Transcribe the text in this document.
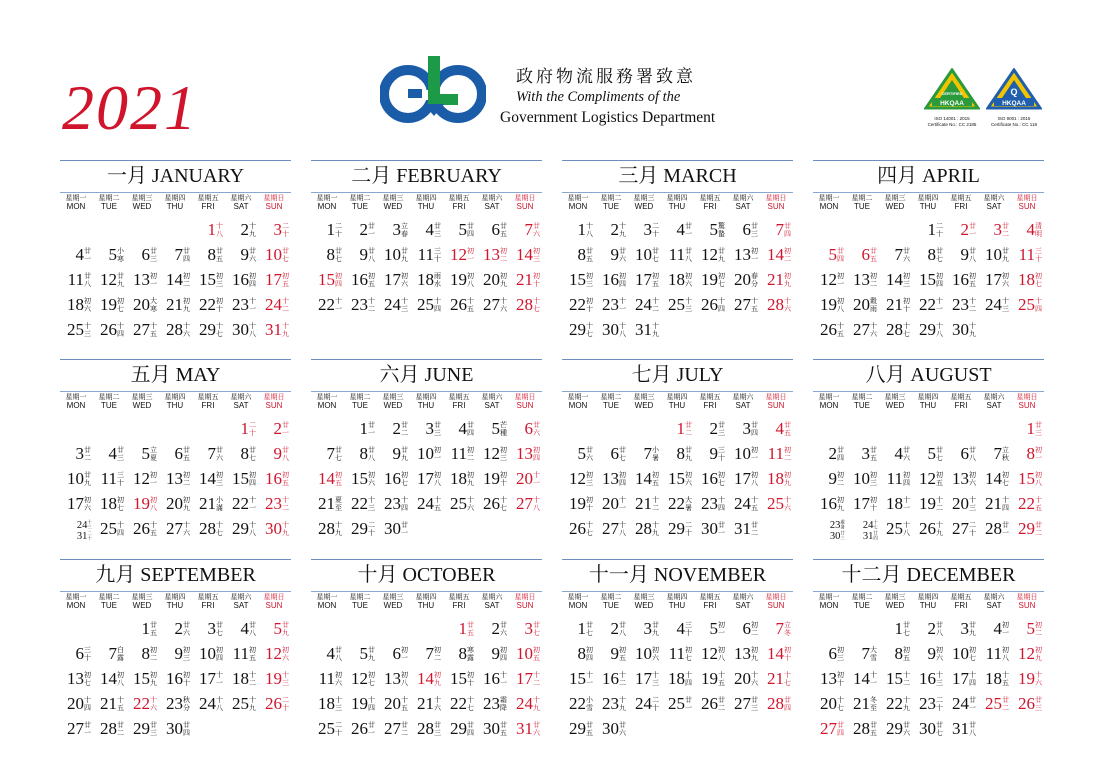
2021	政府物流服務署致意
With the Compliments of the
Government Logistics Department
HKQAA
CERTIFIED
ISO 14001 : 2015
Certificate No.: CC 2185
HKQAA
Q
ISO 9001 : 2015
Certificate No.: CC 118
一月 JANUARY
星期一
MON
星期二
TUE
星期三
WED
星期四
THU
星期五
FRI
星期六
SAT
星期日
SUN
1 十八 2 十九 3 二十
4 廿一 5 小寒 6 廿三 7 廿四 8 廿五 9 廿六 10 廿七
11 廿八 12 廿九 13 初一 14 初二 15 初三 16 初四 17 初五
18 初六 19 初七 20 大寒 21 初九 22 初十 23 十一 24 十二
25 十三 26 十四 27 十五 28 十六 29 十七 30 十八 31 十九
二月 FEBRUARY
星期一
MON
星期二
TUE
星期三
WED
星期四
THU
星期五
FRI
星期六
SAT
星期日
SUN
1 二十 2 廿一 3 立春 4 廿三 5 廿四 6 廿五 7 廿六
8 廿七 9 廿八 10 廿九 11 三十 12 初一 13 初二 14 初三
15 初四 16 初五 17 初六 18 雨水 19 初八 20 初九 21 初十
22 十一 23 十二 24 十三 25 十四 26 十五 27 十六 28 十七
三月 MARCH
星期一
MON
星期二
TUE
星期三
WED
星期四
THU
星期五
FRI
星期六
SAT
星期日
SUN
1 十八 2 十九 3 二十 4 廿一 5 驚蟄 6 廿三 7 廿四
8 廿五 9 廿六 10 廿七 11 廿八 12 廿九 13 初一 14 初二
15 初三 16 初四 17 初五 18 初六 19 初七 20 春分 21 初九
22 初十 23 十一 24 十二 25 十三 26 十四 27 十五 28 十六
29 十七 30 十八 31 十九
四月 APRIL
星期一
MON
星期二
TUE
星期三
WED
星期四
THU
星期五
FRI
星期六
SAT
星期日
SUN
1 二十 2 廿一 3 廿二 4 清明
5 廿四 6 廿五 7 廿六 8 廿七 9 廿八 10 廿九 11 三十
12 初一 13 初二 14 初三 15 初四 16 初五 17 初六 18 初七
19 初八 20 穀雨 21 初十 22 十一 23 十二 24 十三 25 十四
26 十五 27 十六 28 十七 29 十八 30 十九
五月 MAY
星期一
MON
星期二
TUE
星期三
WED
星期四
THU
星期五
FRI
星期六
SAT
星期日
SUN
1 二十 2 廿一
3 廿二 4 廿三 5 立夏 6 廿五 7 廿六 8 廿七 9 廿八
10 廿九 11 三十 12 初一 13 初二 14 初三 15 初四 16 初五
17 初六 18 初七 19 初八 20 初九 21 小滿 22 十一 23 十二
24 十三 25 十四 26 十五 27 十六 28 十七 29 十八 30 十九
31 二十
六月 JUNE
星期一
MON
星期二
TUE
星期三
WED
星期四
THU
星期五
FRI
星期六
SAT
星期日
SUN
1 廿一 2 廿二 3 廿三 4 廿四 5 芒種 6 廿六
7 廿七 8 廿八 9 廿九 10 初一 11 初二 12 初三 13 初四
14 初五 15 初六 16 初七 17 初八 18 初九 19 初十 20 十一
21 夏至 22 十三 23 十四 24 十五 25 十六 26 十七 27 十八
28 十九 29 二十 30 廿一
七月 JULY
星期一
MON
星期二
TUE
星期三
WED
星期四
THU
星期五
FRI
星期六
SAT
星期日
SUN
1 廿二 2 廿三 3 廿四 4 廿五
5 廿六 6 廿七 7 小暑 8 廿九 9 三十 10 初一 11 初二
12 初三 13 初四 14 初五 15 初六 16 初七 17 初八 18 初九
19 初十 20 十一 21 十二 22 大暑 23 十四 24 十五 25 十六
26 十七 27 十八 28 十九 29 二十 30 廿一 31 廿二
八月 AUGUST
星期一
MON
星期二
TUE
星期三
WED
星期四
THU
星期五
FRI
星期六
SAT
星期日
SUN
1 廿三
2 廿四 3 廿五 4 廿六 5 廿七 6 廿八 7 立秋 8 初一
9 初二 10 初三 11 初四 12 初五 13 初六 14 初七 15 初八
16 初九 17 初十 18 十一 19 十二 20 十三 21 十四 22 十五
23 處暑 24 十七 25 十八 26 十九 27 二十 28 廿一 29 廿二
30 廿三 31 廿四
九月 SEPTEMBER
星期一
MON
星期二
TUE
星期三
WED
星期四
THU
星期五
FRI
星期六
SAT
星期日
SUN
1 廿五 2 廿六 3 廿七 4 廿八 5 廿九
6 三十 7 白露 8 初二 9 初三 10 初四 11 初五 12 初六
13 初七 14 初八 15 初九 16 初十 17 十一 18 十二 19 十三
20 十四 21 十五 22 十六 23 秋分 24 十八 25 十九 26 二十
27 廿一 28 廿二 29 廿三 30 廿四
十月 OCTOBER
星期一
MON
星期二
TUE
星期三
WED
星期四
THU
星期五
FRI
星期六
SAT
星期日
SUN
1 廿五 2 廿六 3 廿七
4 廿八 5 廿九 6 初一 7 初二 8 寒露 9 初四 10 初五
11 初六 12 初七 13 初八 14 初九 15 初十 16 十一 17 十二
18 十三 19 十四 20 十五 21 十六 22 十七 23 霜降 24 十九
25 二十 26 廿一 27 廿二 28 廿三 29 廿四 30 廿五 31 廿六
十一月 NOVEMBER
星期一
MON
星期二
TUE
星期三
WED
星期四
THU
星期五
FRI
星期六
SAT
星期日
SUN
1 廿七 2 廿八 3 廿九 4 三十 5 初一 6 初二 7 立冬
8 初四 9 初五 10 初六 11 初七 12 初八 13 初九 14 初十
15 十一 16 十二 17 十三 18 十四 19 十五 20 十六 21 十七
22 小雪 23 十九 24 二十 25 廿一 26 廿二 27 廿三 28 廿四
29 廿五 30 廿六
十二月 DECEMBER
星期一
MON
星期二
TUE
星期三
WED
星期四
THU
星期五
FRI
星期六
SAT
星期日
SUN
1 廿七 2 廿八 3 廿九 4 初一 5 初二
6 初三 7 大雪 8 初五 9 初六 10 初七 11 初八 12 初九
13 初十 14 十一 15 十二 16 十三 17 十四 18 十五 19 十六
20 十七 21 冬至 22 十九 23 二十 24 廿一 25 廿二 26 廿三
27 廿四 28 廿五 29 廿六 30 廿七 31 廿八
